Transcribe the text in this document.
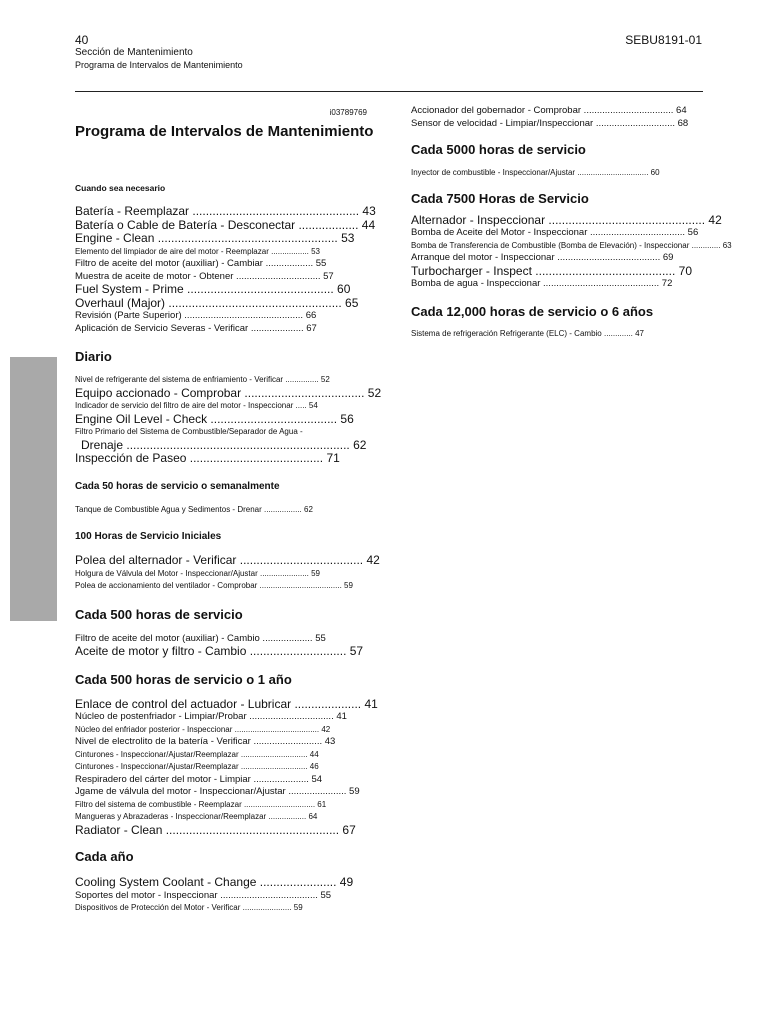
40
Sección de Mantenimiento
Programa de Intervalos de Mantenimiento
SEBU8191-01
i03789769
Programa de Intervalos de Mantenimiento
Cuando sea necesario
Batería - Reemplazar .................................................. 43
Batería o Cable de Batería - Desconectar .................. 44
Engine - Clean ...................................................... 53
Elemento del limpiador de aire del motor - Reemplazar ................. 53
Filtro de aceite del motor (auxiliar) - Cambiar .................. 55
Muestra de aceite de motor - Obtener ................................ 57
Fuel System - Prime ............................................ 60
Overhaul (Major) .................................................... 65
Revisión (Parte Superior) ............................................. 66
Aplicación de Servicio Severas - Verificar .................... 67
Diario
Nivel de refrigerante del sistema de enfriamiento - Verificar ............... 52
Equipo accionado - Comprobar .................................... 52
Indicador de servicio del filtro de aire del motor - Inspeccionar ..... 54
Engine Oil Level - Check ...................................... 56
Filtro Primario del Sistema de Combustible/Separador de Agua -
Drenaje ................................................................... 62
Inspección de Paseo ........................................ 71
Cada 50 horas de servicio o semanalmente
Tanque de Combustible Agua y Sedimentos - Drenar ................. 62
100 Horas de Servicio Iniciales
Polea del alternador - Verificar ..................................... 42
Holgura de Válvula del Motor - Inspeccionar/Ajustar ...................... 59
Polea de accionamiento del ventilador - Comprobar ..................................... 59
Cada 500 horas de servicio
Filtro de aceite del motor (auxiliar) - Cambio ................... 55
Aceite de motor y filtro - Cambio ............................. 57
Cada 500 horas de servicio o 1 año
Enlace de control del actuador - Lubricar .................... 41
Núcleo de postenfriador - Limpiar/Probar ................................ 41
Núcleo del enfriador posterior - Inspeccionar ...................................... 42
Nivel de electrolito de la batería - Verificar .......................... 43
Cinturones - Inspeccionar/Ajustar/Reemplazar .............................. 44
Cinturones - Inspeccionar/Ajustar/Reemplazar .............................. 46
Respiradero del cárter del motor - Limpiar ..................... 54
Jgame de válvula del motor - Inspeccionar/Ajustar ...................... 59
Filtro del sistema de combustible - Reemplazar ................................ 61
Mangueras y Abrazaderas - Inspeccionar/Reemplazar ................. 64
Radiator - Clean .................................................... 67
Cada año
Cooling System Coolant - Change ....................... 49
Soportes del motor - Inspeccionar ..................................... 55
Dispositivos de Protección del Motor - Verificar ...................... 59
Accionador del gobernador - Comprobar .................................. 64
Sensor de velocidad - Limpiar/Inspeccionar .............................. 68
Cada 5000 horas de servicio
Inyector de combustible - Inspeccionar/Ajustar ................................ 60
Cada 7500 Horas de Servicio
Alternador - Inspeccionar ............................................... 42
Bomba de Aceite del Motor - Inspeccionar .................................... 56
Bomba de Transferencia de Combustible (Bomba de Elevación) - Inspeccionar ............. 63
Arranque del motor - Inspeccionar ....................................... 69
Turbocharger - Inspect .......................................... 70
Bomba de agua - Inspeccionar ............................................ 72
Cada 12,000 horas de servicio o 6 años
Sistema de refrigeración Refrigerante (ELC) - Cambio ............. 47
